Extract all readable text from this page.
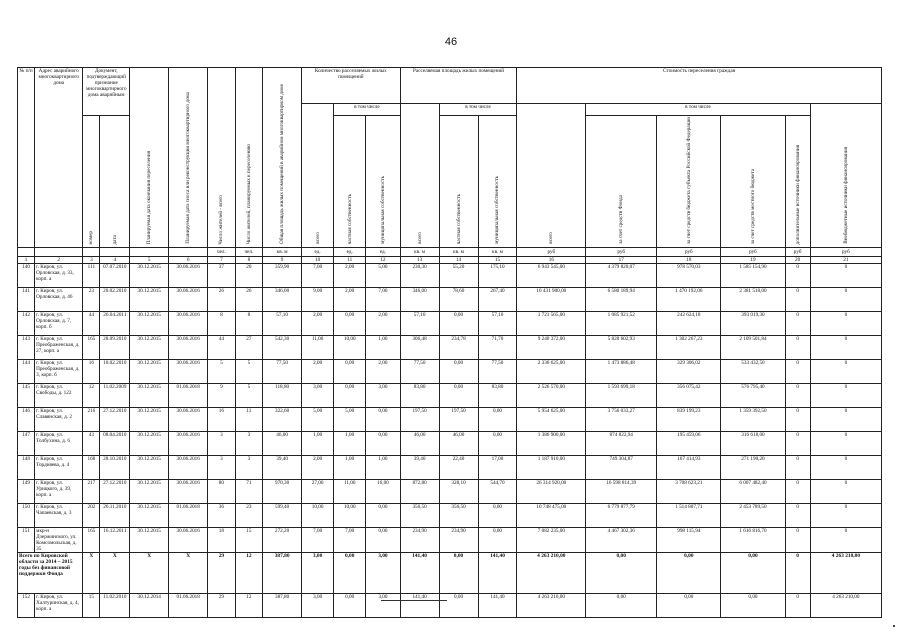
46
№ п/п	Адрес аварийного многоквартирного дома	Документ, подтверждающий признание многоквартирного дома аварийным		Планируемая дата окончания переселения	Планируемая дата сноса или реконструкции многоквартирного дома	Число жителей - всего	Число жителей, планируемых к переселению	Общая площадь жилых помещений в аварийном многоквартирном доме	Количество расселяемых жилых помещений			Расселяемая площадь жилых помещений			Стоимость переселения граждан					
									всего	в том числе		всего	в том числе		всего	в том числе				Внебюджетные источники финансирования
		номер	дата							частная собственность	муниципальная собственность		частная собственность	муниципальная собственность		за счет средств Фонда	за счет средств бюджета субъекта Российской Федерации	за счет средств местного бюджета	дополнительные источники финансирования	
						чел.	чел.	кв. м	ед.	ед.	ед.	кв. м	кв. м	кв. м	руб	руб	руб	руб	руб	руб
1	2	3	4	5	6	7	8	9	10	11	12	13	14	15	16	17	18	19	20	21
140	г. Киров, ул. Орловская, д. 33, корп. а	111	07.07.2010	30.12.2015	30.06.2016	37	20	359,90	7,00	2,00	5,00	230,30	55,20	175,10	6 943 545,00	4 379 820,07	978 570,03	1 585 154,90	0	0
141	г. Киров, ул. Орловская, д. 46	23	20.02.2010	30.12.2015	30.06.2016	26	26	346,00	9,00	2,00	7,00	346,00	78,60	267,40	10 431 900,00	6 580 189,94	1 470 192,06	2 381 518,00	0	0
142	г. Киров, ул. Орловская, д. 7, корп. б	44	26.04.2011	30.12.2015	30.06.2016	8	8	57,10	2,00	0,00	2,00	57,10	0,00	57,10	1 721 565,00	1 085 921,52	242 624,18	393 019,30	0	0
143	г. Киров, ул. Преображенская, д. 27, корп. а	165	28.09.2010	30.12.2015	30.06.2016	44	27	542,30	11,00	10,00	1,00	306,48	234,78	71,70	9 240 372,00	5 828 602,93	1 302 267,23	2 109 501,84	0	0
144	г. Киров, ул. Преображенская, д. 3, корп. б	16	10.02.2010	30.12.2015	30.06.2016	5	5	77,50	2,00	0,00	2,00	77,50	0,00	77,50	2 336 625,00	1 473 886,48	329 306,02	533 432,50	0	0
145	г. Киров, ул. Свободы, д. 122	12	11.02.2009	30.12.2015	01.06.2018	9	5	118,80	3,00	0,00	3,00	83,80	0,00	83,80	2 526 570,00	1 593 699,18	356 075,42	576 795,40	0	0
146	г. Киров, ул. Славянская, д. 2	216	27.12.2010	30.12.2015	30.06.2016	16	11	322,60	5,00	5,00	0,00	197,50	197,50	0,00	5 954 625,00	3 756 033,27	839 199,23	1 359 392,50	0	0
147	г. Киров, ул. Толбухина, д. 6	43	08.04.2010	30.12.2015	30.06.2016	3	3	46,00	1,00	1,00	0,00	46,00	46,00	0,00	1 386 900,00	874 822,94	195 459,06	316 618,00	0	0
148	г. Киров, ул. Тордияева, д. 4	168	28.10.2010	30.12.2015	30.06.2016	3	3	39,40	2,00	1,00	1,00	39,40	22,40	17,00	1 187 910,00	749 304,87	167 414,93	271 190,20	0	0
149	г. Киров, ул. Урицкого, д. 39, корп. а	217	27.12.2010	30.12.2015	30.06.2016	80	71	970,30	27,00	11,00	16,00	872,80	328,10	544,70	26 314 920,00	16 598 814,39	3 708 623,21	6 007 482,40	0	0
150	г. Киров, ул. Чапаевская, д. 3	202	26.11.2010	30.12.2015	01.06.2018	36	23	599,40	10,00	10,00	0,00	356,50	356,50	0,00	10 748 475,00	6 779 877,79	1 514 807,71	2 453 789,50	0	0
151	мкр-н Дзержинского, ул. Комсомольская, д. 35	165	16.12.2011	30.12.2015	30.06.2016	18	15	272,20	7,00	7,00	0,00	234,90	234,90	0,00	7 082 235,00	4 467 302,36	998 115,94	1 616 816,70	0	0
Всего по Кировской области за 2014 – 2015 годы без финансовой поддержки Фонда		X	X	X	X	29	12	387,80	3,00	0,00	3,00	141,40	0,00	141,40	4 263 210,00	0,00	0,00	0,00	0	4 263 210,00
152	г. Киров, ул. Халтуринская, д. 4, корп. а	15	11.02.2010	30.12.2014	01.06.2018	29	12	387,80	3,00	0,00	3,00	141,40	0,00	141,40	4 263 210,00	0,00	0,00	0,00	0	4 263 210,00
